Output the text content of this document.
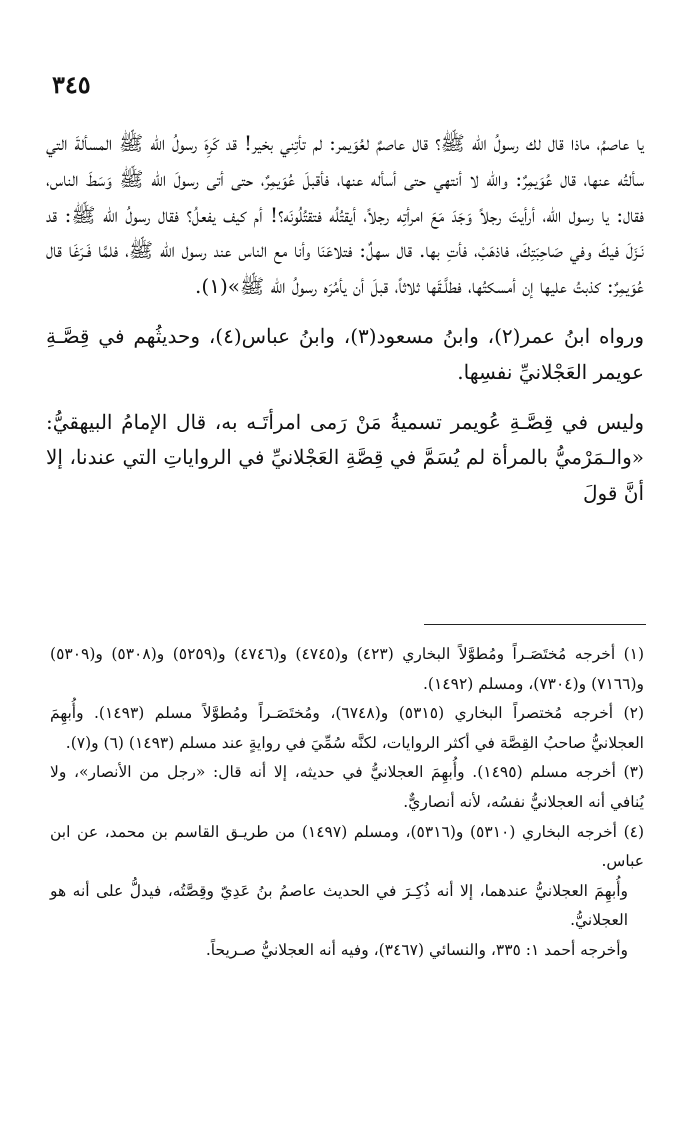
٣٤٥

يا عاصمُ، ماذا قال لك رسولُ الله ﷺ؟ قال عاصمٌ لعُوَيمر: لم تأتِني بخير! قد كَرِهَ رسولُ الله ﷺ المسألةَ التي سألتُه عنها، قال عُوَيمِرٌ: والله لا أنتهي حتى أسأله عنها، فأقبلَ عُوَيمِرٌ، حتى أتى رسولَ الله ﷺ وَسَطَ الناس، فقال: يا رسول الله، أرأيتَ رجلاً وَجَدَ مَعَ امرأتِه رجلاً، أيقتُلُه فتقتُلُونَه؟! أم كيف يفعلُ؟ فقال رسولُ الله ﷺ: قد نَـزَلَ فيكَ وفي صَاحِبَتِكَ، فاذهَبْ، فأتِ بها. قال سهلٌ: فتلاعَنَا وأنا مع الناس عند رسول الله ﷺ، فلمَّا فَـرَغَا قال عُوَيمِرٌ: كذبتُ عليها إن أمسكتُها، فطلَّـقَها ثلاثاً، قبلَ أن يأمُرَه رسولُ الله ﷺ»(١).

ورواه ابنُ عمر(٢)، وابنُ مسعود(٣)، وابنُ عباس(٤)، وحديثُهم في قِصَّـةِ عويمر العَجْلانيِّ نفسِها.

وليس في قِصَّـةِ عُويمر تسميةُ مَنْ رَمى امرأتَـه به، قال الإمامُ البيهقيُّ: «والـمَرْميُّ بالمرأة لم يُسَمَّ في قِصَّةِ العَجْلانيِّ في الرواياتِ التي عندنا، إلا أنَّ قولَ

(١) أخرجه مُختَصَـراً ومُطوَّلاً البخاري (٤٢٣) و(٤٧٤٥) و(٤٧٤٦) و(٥٢٥٩) و(٥٣٠٨) و(٥٣٠٩) و(٧١٦٦) و(٧٣٠٤)، ومسلم (١٤٩٢).

(٢) أخرجه مُختصراً البخاري (٥٣١٥) و(٦٧٤٨)، ومُختَصَـراً ومُطوَّلاً مسلم (١٤٩٣). وأُبهِمَ العجلانيُّ صاحبُ القِصَّة في أكثر الروايات، لكنَّه سُمِّيَ في روايةٍ عند مسلم (١٤٩٣) (٦) و(٧).

(٣) أخرجه مسلم (١٤٩٥). وأُبهِمَ العجلانيُّ في حديثه، إلا أنه قال: «رجل من الأنصار»، ولا يُنافي أنه العجلانيُّ نفسُه، لأنه أنصاريٌّ.

(٤) أخرجه البخاري (٥٣١٠) و(٥٣١٦)، ومسلم (١٤٩٧) من طريـق القاسم بن محمد، عن ابن عباس.

وأُبهِمَ العجلانيُّ عندهما، إلا أنه ذُكِـرَ في الحديث عاصمُ بنُ عَدِيّ وقِصَّتُه، فيدلُّ على أنه هو العجلانيُّ.

وأخرجه أحمد ١: ٣٣٥، والنسائي (٣٤٦٧)، وفيه أنه العجلانيُّ صـريحاً.
